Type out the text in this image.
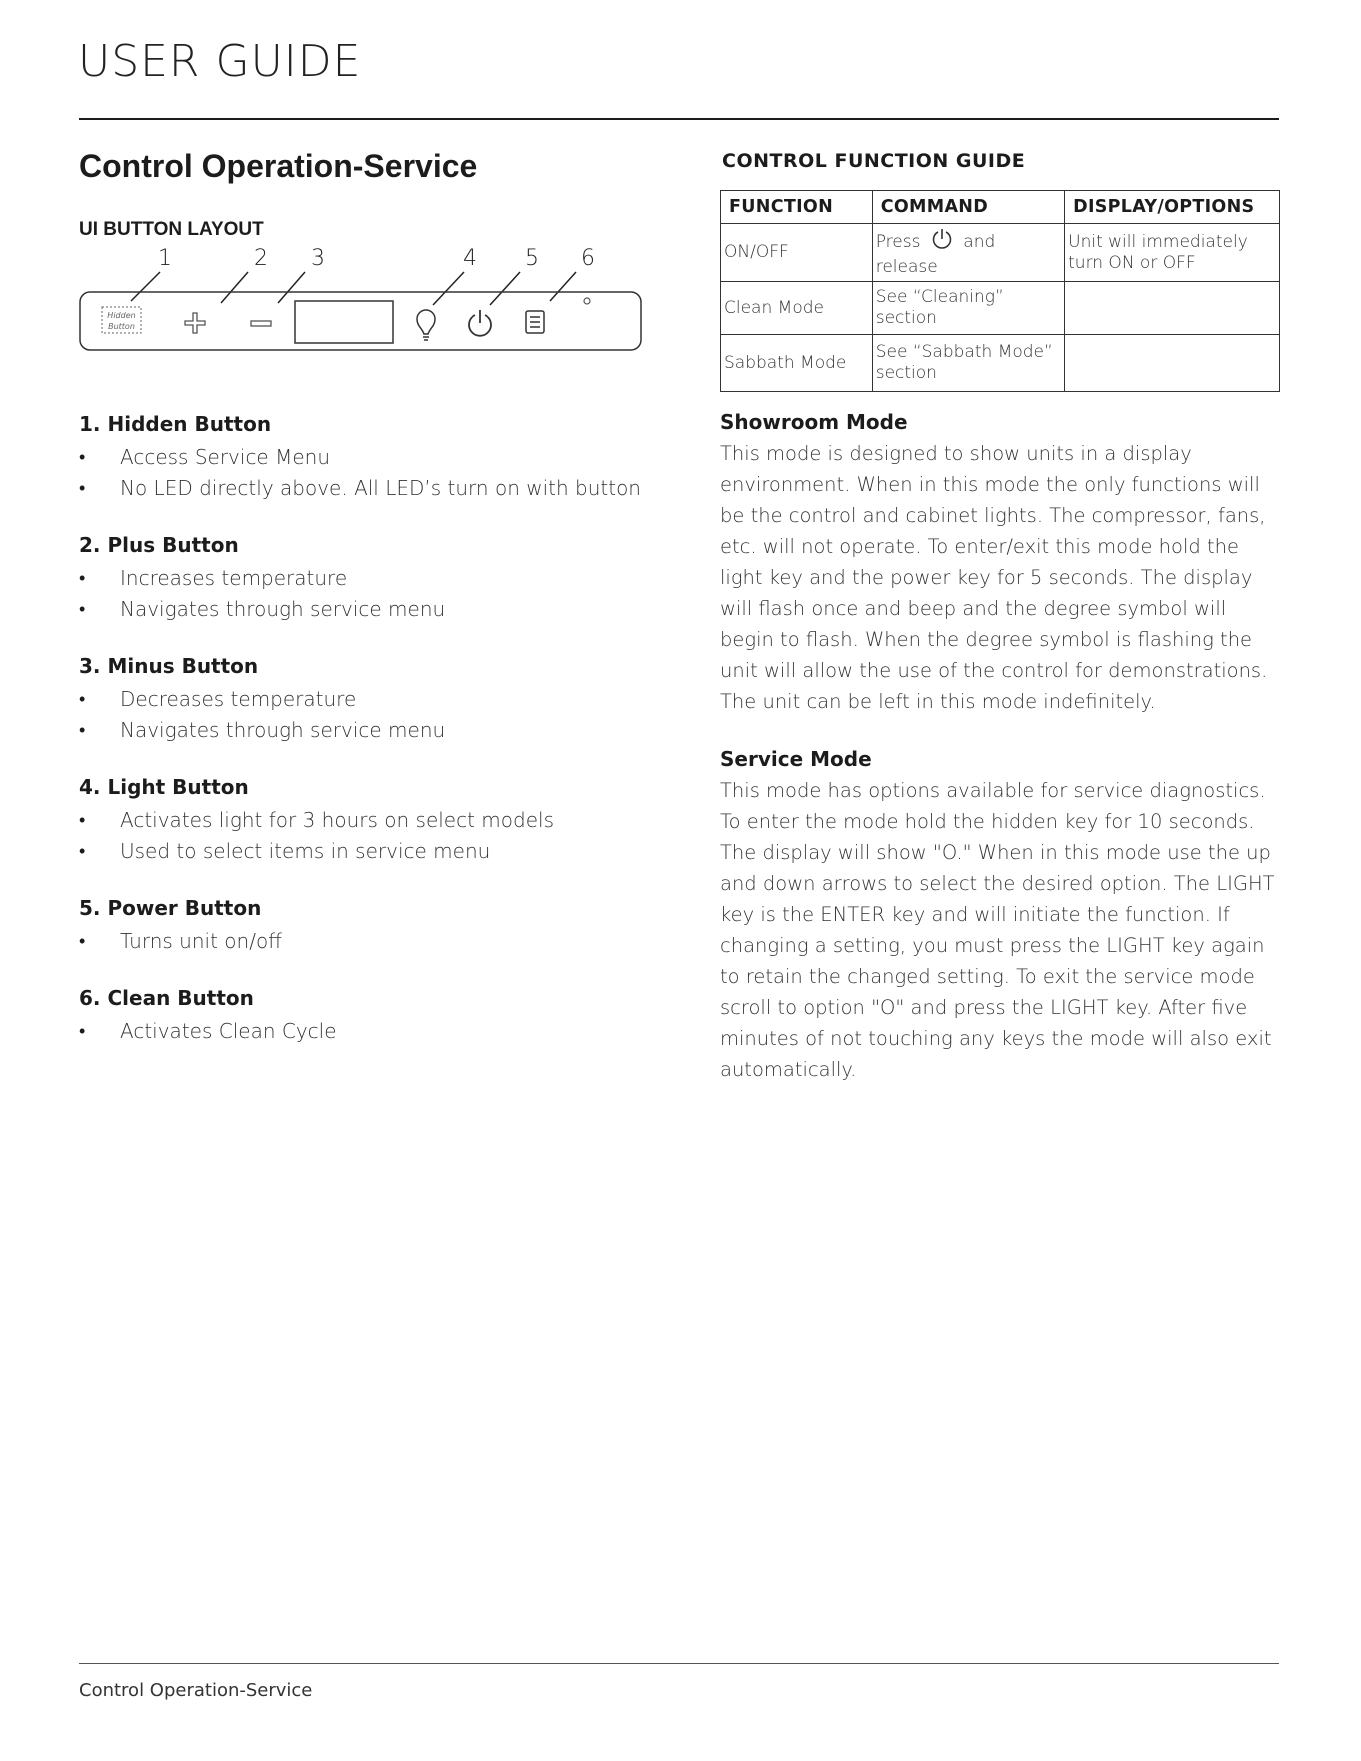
USER GUIDE
Control Operation-Service
UI BUTTON LAYOUT
1	2 3	4 5 6
Hidden
Button
1. Hidden Button
• Access Service Menu
• No LED directly above. All LED’s turn on with button
2. Plus Button
• Increases temperature
• Navigates through service menu
3. Minus Button
• Decreases temperature
• Navigates through service menu
4. Light Button
• Activates light for 3 hours on select models
• Used to select items in service menu
5. Power Button
• Turns unit on/off
6. Clean Button
• Activates Clean Cycle
CONTROL FUNCTION GUIDE
FUNCTION	COMMAND	DISPLAY/OPTIONS
ON/OFF	Press and release	Unit will immediately turn ON or OFF
Clean Mode	See “Cleaning” section	
Sabbath Mode	See “Sabbath Mode” section	
Showroom Mode

This mode is designed to show units in a display environment. When in this mode the only functions will be the control and cabinet lights. The compressor, fans, etc. will not operate. To enter/exit this mode hold the light key and the power key for 5 seconds. The display will flash once and beep and the degree symbol will begin to flash. When the degree symbol is flashing the unit will allow the use of the control for demonstrations. The unit can be left in this mode indefinitely.

Service Mode

This mode has options available for service diagnostics. To enter the mode hold the hidden key for 10 seconds. The display will show "O." When in this mode use the up and down arrows to select the desired option. The LIGHT key is the ENTER key and will initiate the function. If changing a setting, you must press the LIGHT key again to retain the changed setting. To exit the service mode scroll to option "O" and press the LIGHT key. After five minutes of not touching any keys the mode will also exit automatically.

Control Operation-Service
